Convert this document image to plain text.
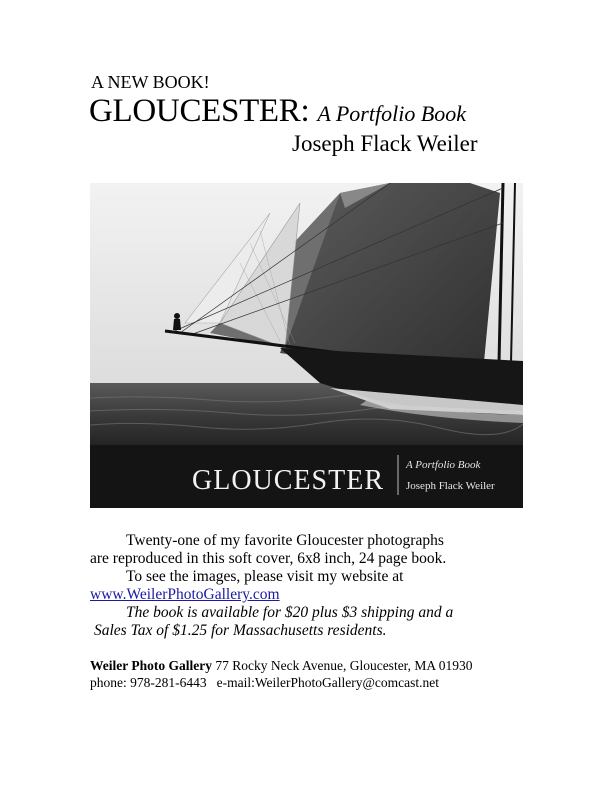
A NEW BOOK!
GLOUCESTER: A Portfolio Book
Joseph Flack Weiler
GLOUCESTER A Portfolio Book
Joseph Flack Weiler

Twenty-one of my favorite Gloucester photographs

are reproduced in this soft cover, 6x8 inch, 24 page book.

To see the images, please visit my website at

www.WeilerPhotoGallery.com

The book is available for $20 plus $3 shipping and a

Sales Tax of $1.25 for Massachusetts residents.

Weiler Photo Gallery 77 Rocky Neck Avenue, Gloucester, MA 01930

phone: 978-281-6443 e-mail:WeilerPhotoGallery@comcast.net
